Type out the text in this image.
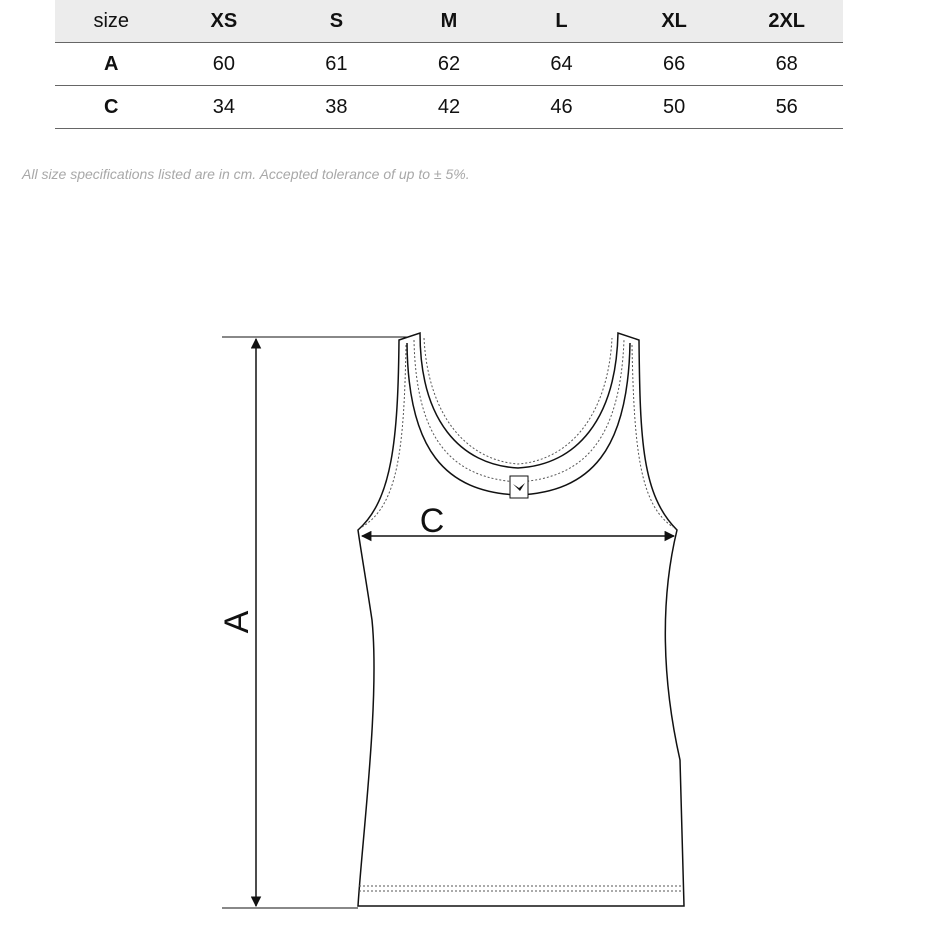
size	XS	S	M	L	XL	2XL
A	60	61	62	64	66	68
C	34	38	42	46	50	56

All size specifications listed are in cm. Accepted tolerance of up to ± 5%.

A
C
